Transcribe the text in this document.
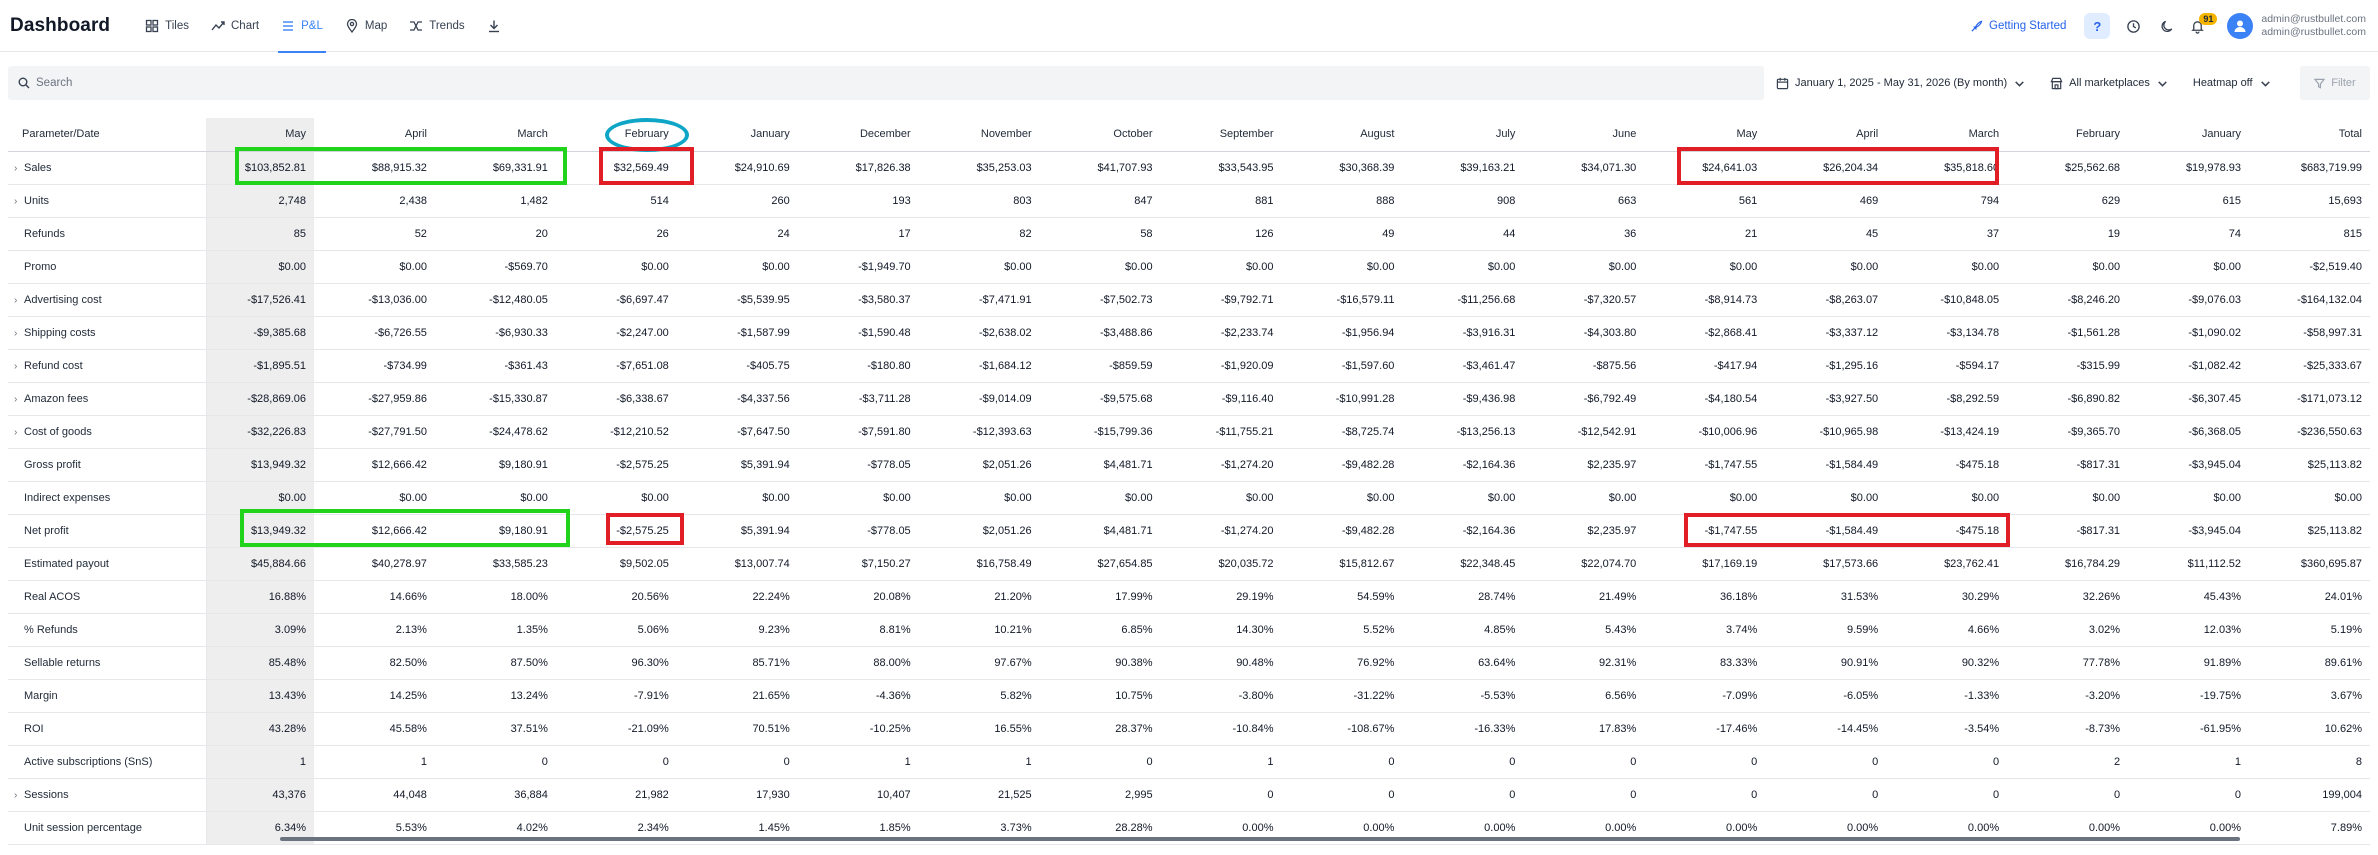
Dashboard	Tiles	Chart	P&L	Map	Trends	Getting Started ?	91	admin@rustbullet.com
admin@rustbullet.com
Search
January 1, 2025 - May 31, 2026 (By month)	All marketplaces	Heatmap off	Filter
Parameter/Date	May	April	March	February	January	December	November	October	September	August	July	June	May	April	March	February	January	Total
› Sales	$103,852.81	$88,915.32	$69,331.91	$32,569.49	$24,910.69	$17,826.38	$35,253.03	$41,707.93	$33,543.95	$30,368.39	$39,163.21	$34,071.30	$24,641.03	$26,204.34	$35,818.60	$25,562.68	$19,978.93	$683,719.99
› Units	2,748	2,438	1,482	514	260	193	803	847	881	888	908	663	561	469	794	629	615	15,693
Refunds	85	52	20	26	24	17	82	58	126	49	44	36	21	45	37	19	74	815
Promo	$0.00	$0.00	-$569.70	$0.00	$0.00	-$1,949.70	$0.00	$0.00	$0.00	$0.00	$0.00	$0.00	$0.00	$0.00	$0.00	$0.00	$0.00	-$2,519.40
› Advertising cost	-$17,526.41	-$13,036.00	-$12,480.05	-$6,697.47	-$5,539.95	-$3,580.37	-$7,471.91	-$7,502.73	-$9,792.71	-$16,579.11	-$11,256.68	-$7,320.57	-$8,914.73	-$8,263.07	-$10,848.05	-$8,246.20	-$9,076.03	-$164,132.04
› Shipping costs	-$9,385.68	-$6,726.55	-$6,930.33	-$2,247.00	-$1,587.99	-$1,590.48	-$2,638.02	-$3,488.86	-$2,233.74	-$1,956.94	-$3,916.31	-$4,303.80	-$2,868.41	-$3,337.12	-$3,134.78	-$1,561.28	-$1,090.02	-$58,997.31
› Refund cost	-$1,895.51	-$734.99	-$361.43	-$7,651.08	-$405.75	-$180.80	-$1,684.12	-$859.59	-$1,920.09	-$1,597.60	-$3,461.47	-$875.56	-$417.94	-$1,295.16	-$594.17	-$315.99	-$1,082.42	-$25,333.67
› Amazon fees	-$28,869.06	-$27,959.86	-$15,330.87	-$6,338.67	-$4,337.56	-$3,711.28	-$9,014.09	-$9,575.68	-$9,116.40	-$10,991.28	-$9,436.98	-$6,792.49	-$4,180.54	-$3,927.50	-$8,292.59	-$6,890.82	-$6,307.45	-$171,073.12
› Cost of goods	-$32,226.83	-$27,791.50	-$24,478.62	-$12,210.52	-$7,647.50	-$7,591.80	-$12,393.63	-$15,799.36	-$11,755.21	-$8,725.74	-$13,256.13	-$12,542.91	-$10,006.96	-$10,965.98	-$13,424.19	-$9,365.70	-$6,368.05	-$236,550.63
Gross profit	$13,949.32	$12,666.42	$9,180.91	-$2,575.25	$5,391.94	-$778.05	$2,051.26	$4,481.71	-$1,274.20	-$9,482.28	-$2,164.36	$2,235.97	-$1,747.55	-$1,584.49	-$475.18	-$817.31	-$3,945.04	$25,113.82
Indirect expenses	$0.00	$0.00	$0.00	$0.00	$0.00	$0.00	$0.00	$0.00	$0.00	$0.00	$0.00	$0.00	$0.00	$0.00	$0.00	$0.00	$0.00	$0.00
Net profit	$13,949.32	$12,666.42	$9,180.91	-$2,575.25	$5,391.94	-$778.05	$2,051.26	$4,481.71	-$1,274.20	-$9,482.28	-$2,164.36	$2,235.97	-$1,747.55	-$1,584.49	-$475.18	-$817.31	-$3,945.04	$25,113.82
Estimated payout	$45,884.66	$40,278.97	$33,585.23	$9,502.05	$13,007.74	$7,150.27	$16,758.49	$27,654.85	$20,035.72	$15,812.67	$22,348.45	$22,074.70	$17,169.19	$17,573.66	$23,762.41	$16,784.29	$11,112.52	$360,695.87
Real ACOS	16.88%	14.66%	18.00%	20.56%	22.24%	20.08%	21.20%	17.99%	29.19%	54.59%	28.74%	21.49%	36.18%	31.53%	30.29%	32.26%	45.43%	24.01%
% Refunds	3.09%	2.13%	1.35%	5.06%	9.23%	8.81%	10.21%	6.85%	14.30%	5.52%	4.85%	5.43%	3.74%	9.59%	4.66%	3.02%	12.03%	5.19%
Sellable returns	85.48%	82.50%	87.50%	96.30%	85.71%	88.00%	97.67%	90.38%	90.48%	76.92%	63.64%	92.31%	83.33%	90.91%	90.32%	77.78%	91.89%	89.61%
Margin	13.43%	14.25%	13.24%	-7.91%	21.65%	-4.36%	5.82%	10.75%	-3.80%	-31.22%	-5.53%	6.56%	-7.09%	-6.05%	-1.33%	-3.20%	-19.75%	3.67%
ROI	43.28%	45.58%	37.51%	-21.09%	70.51%	-10.25%	16.55%	28.37%	-10.84%	-108.67%	-16.33%	17.83%	-17.46%	-14.45%	-3.54%	-8.73%	-61.95%	10.62%
Active subscriptions (SnS)	1	1	0	0	0	1	1	0	1	0	0	0	0	0	0	2	1	8
› Sessions	43,376	44,048	36,884	21,982	17,930	10,407	21,525	2,995	0	0	0	0	0	0	0	0	0	199,004
Unit session percentage	6.34%	5.53%	4.02%	2.34%	1.45%	1.85%	3.73%	28.28%	0.00%	0.00%	0.00%	0.00%	0.00%	0.00%	0.00%	0.00%	0.00%	7.89%
